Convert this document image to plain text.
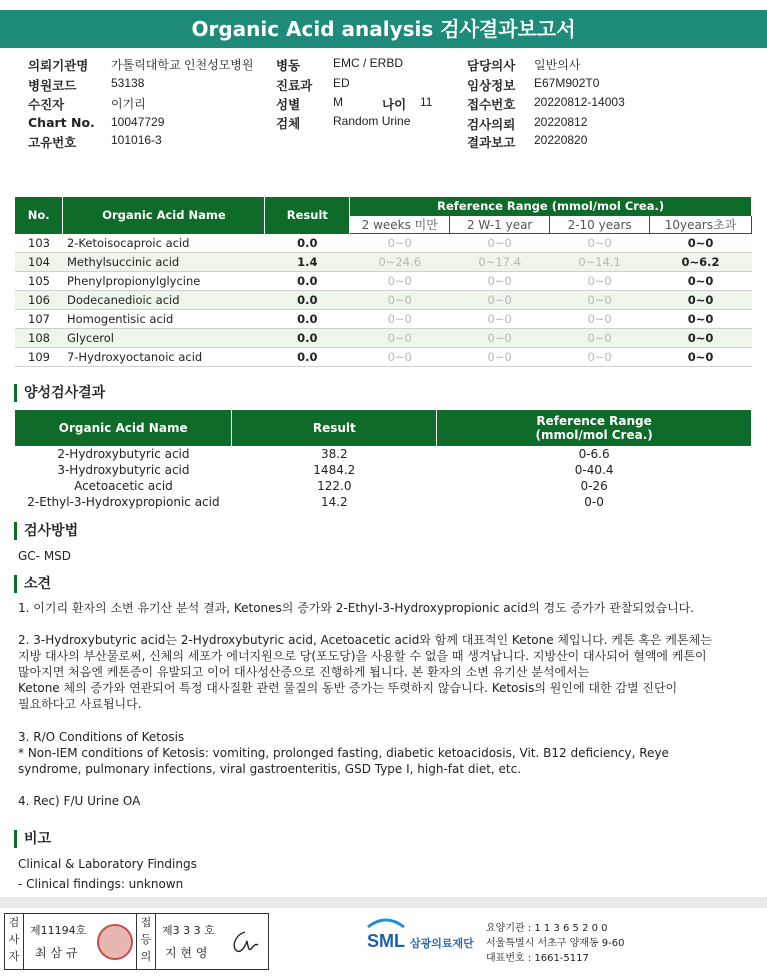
Organic Acid analysis 검사결과보고서
의뢰기관명 가톨릭대학교 인천성모병원
병원코드	53138
수진자	이기리
Chart No. 10047729
고유번호	101016-3
병동	EMC / ERBD
진료과 ED
성별	M	나이 11
검체	Random Urine
담당의사 일반의사
임상정보 E67M902T0
접수번호 20220812-14003
검사의뢰 20220812
결과보고 20220820
No.	Organic Acid Name	Result	Reference Range (mmol/mol Crea.)			
			2 weeks 미만	2 W-1 year	2-10 years	10years초과
103	2-Ketoisocaproic acid	0.0	0~0	0~0	0~0	0~0
104	Methylsuccinic acid	1.4	0~24.6	0~17.4	0~14.1	0~6.2
105	Phenylpropionylglycine	0.0	0~0	0~0	0~0	0~0
106	Dodecanedioic acid	0.0	0~0	0~0	0~0	0~0
107	Homogentisic acid	0.0	0~0	0~0	0~0	0~0
108	Glycerol	0.0	0~0	0~0	0~0	0~0
109	7-Hydroxyoctanoic acid	0.0	0~0	0~0	0~0	0~0
양성검사결과
Organic Acid Name	Result	Reference Range
(mmol/mol Crea.)
2-Hydroxybutyric acid	38.2	0-6.6
3-Hydroxybutyric acid	1484.2	0-40.4
Acetoacetic acid	122.0	0-26
2-Ethyl-3-Hydroxypropionic acid	14.2	0-0
검사방법
GC- MSD
소견
1. 이기리 환자의 소변 유기산 분석 결과, Ketones의 증가와 2-Ethyl-3-Hydroxypropionic acid의 경도 증가가 관찰되었습니다.
2. 3-Hydroxybutyric acid는 2-Hydroxybutyric acid, Acetoacetic acid와 함께 대표적인 Ketone 체입니다. 케톤 혹은 케톤체는
지방 대사의 부산물로써, 신체의 세포가 에너지원으로 당(포도당)을 사용할 수 없을 때 생겨납니다. 지방산이 대사되어 혈액에 케톤이
많아지면 처음엔 케톤증이 유발되고 이어 대사성산증으로 진행하게 됩니다. 본 환자의 소변 유기산 분석에서는
Ketone 체의 증가와 연관되어 특정 대사질환 관련 물질의 동반 증가는 뚜렷하지 않습니다. Ketosis의 원인에 대한 감별 진단이
필요하다고 사료됩니다.
3. R/O Conditions of Ketosis
* Non-IEM conditions of Ketosis: vomiting, prolonged fasting, diabetic ketoacidosis, Vit. B12 deficiency, Reye
syndrome, pulmonary infections, viral gastroenteritis, GSD Type I, high-fat diet, etc.
4. Rec) F/U Urine OA
비고
Clinical & Laboratory Findings
- Clinical findings: unknown
검
사
자
제11194호
최 삼 규
접
등
의
제3 3 3 호
지 현 영
SML 삼광의료재단
요양기관 : 1 1 3 6 5 2 0 0
서울특별시 서초구 양재동 9-60
대표번호 : 1661-5117
